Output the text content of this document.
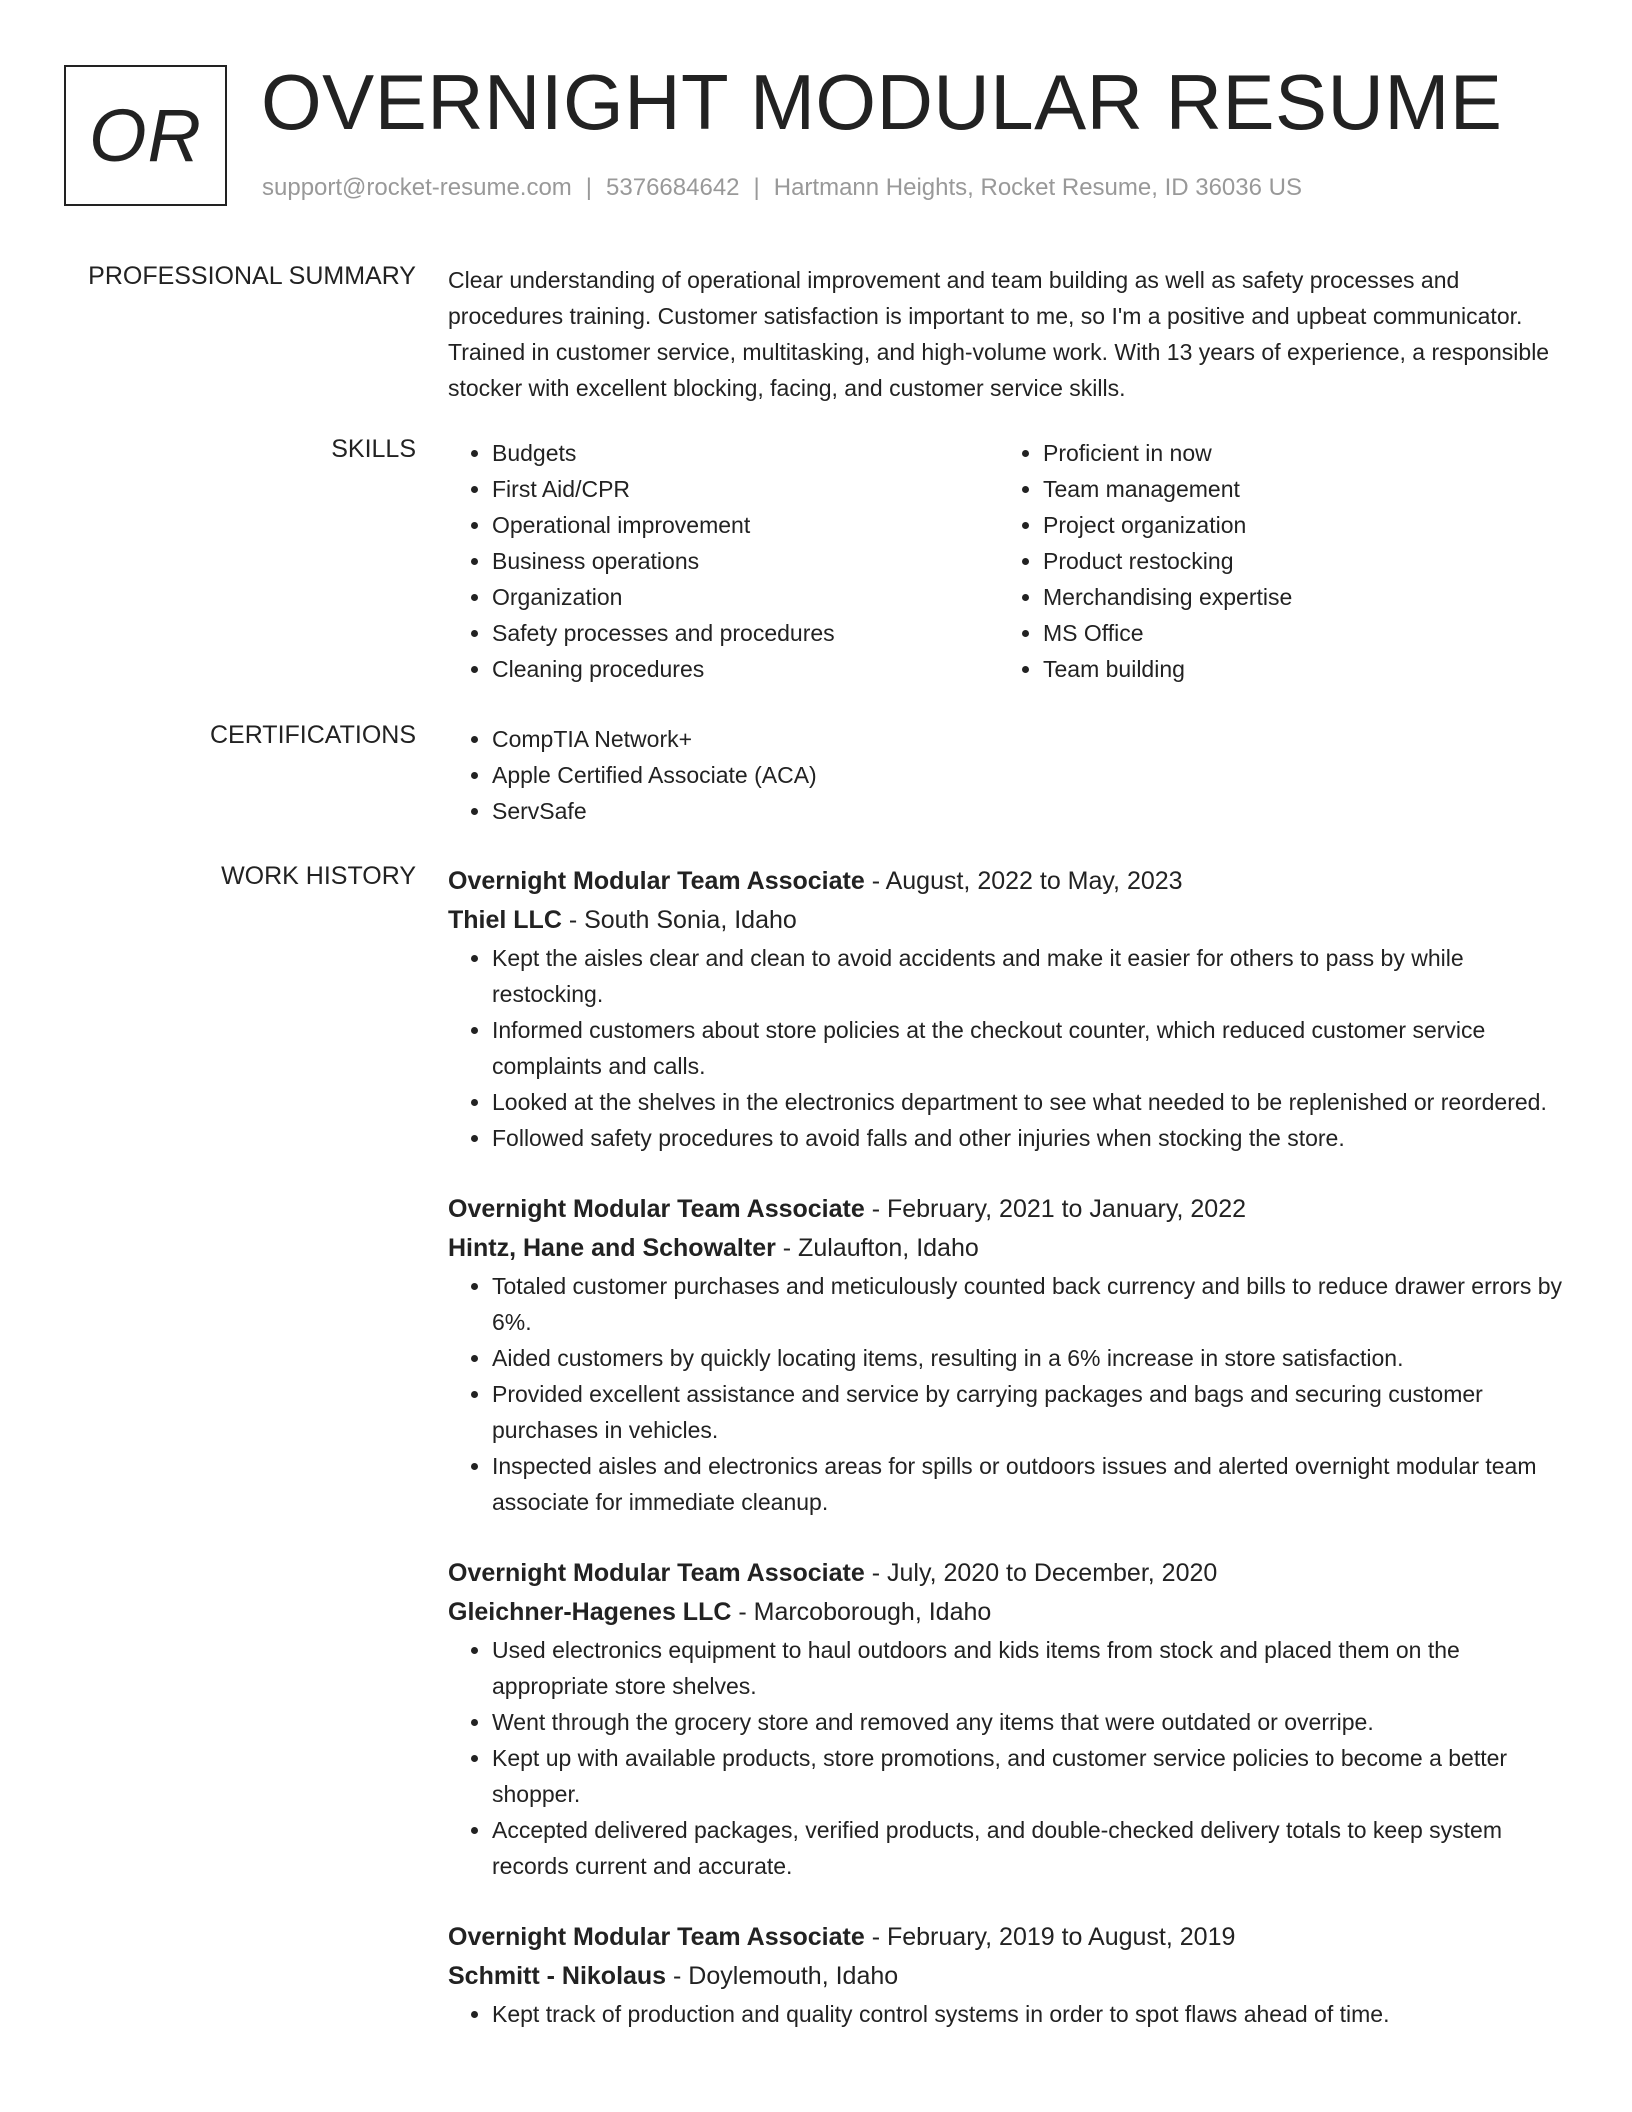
OR OVERNIGHT MODULAR RESUME
support@rocket-resume.com | 5376684642 | Hartmann Heights, Rocket Resume, ID 36036 US
PROFESSIONAL SUMMARY Clear understanding of operational improvement and team building as well as safety processes and procedures training. Customer satisfaction is important to me, so I'm a positive and upbeat communicator. Trained in customer service, multitasking, and high-volume work. With 13 years of experience, a responsible stocker with excellent blocking, facing, and customer service skills.

SKILLS	• Budgets
• First Aid/CPR
• Operational improvement
• Business operations
• Organization
• Safety processes and procedures
• Cleaning procedures
• Proficient in now
• Team management
• Project organization
• Product restocking
• Merchandising expertise
• MS Office
• Team building
CERTIFICATIONS	• CompTIA Network+
• Apple Certified Associate (ACA)
• ServSafe
WORK HISTORY Overnight Modular Team Associate - August, 2022 to May, 2023
Thiel LLC - South Sonia, Idaho
• Kept the aisles clear and clean to avoid accidents and make it easier for others to pass by while restocking.
• Informed customers about store policies at the checkout counter, which reduced customer service complaints and calls.
• Looked at the shelves in the electronics department to see what needed to be replenished or reordered.
• Followed safety procedures to avoid falls and other injuries when stocking the store.
Overnight Modular Team Associate - February, 2021 to January, 2022
Hintz, Hane and Schowalter - Zulaufton, Idaho
• Totaled customer purchases and meticulously counted back currency and bills to reduce drawer errors by 6%.
• Aided customers by quickly locating items, resulting in a 6% increase in store satisfaction.
• Provided excellent assistance and service by carrying packages and bags and securing customer purchases in vehicles.
• Inspected aisles and electronics areas for spills or outdoors issues and alerted overnight modular team associate for immediate cleanup.
Overnight Modular Team Associate - July, 2020 to December, 2020
Gleichner-Hagenes LLC - Marcoborough, Idaho
• Used electronics equipment to haul outdoors and kids items from stock and placed them on the appropriate store shelves.
• Went through the grocery store and removed any items that were outdated or overripe.
• Kept up with available products, store promotions, and customer service policies to become a better shopper.
• Accepted delivered packages, verified products, and double-checked delivery totals to keep system records current and accurate.
Overnight Modular Team Associate - February, 2019 to August, 2019
Schmitt - Nikolaus - Doylemouth, Idaho
• Kept track of production and quality control systems in order to spot flaws ahead of time.
